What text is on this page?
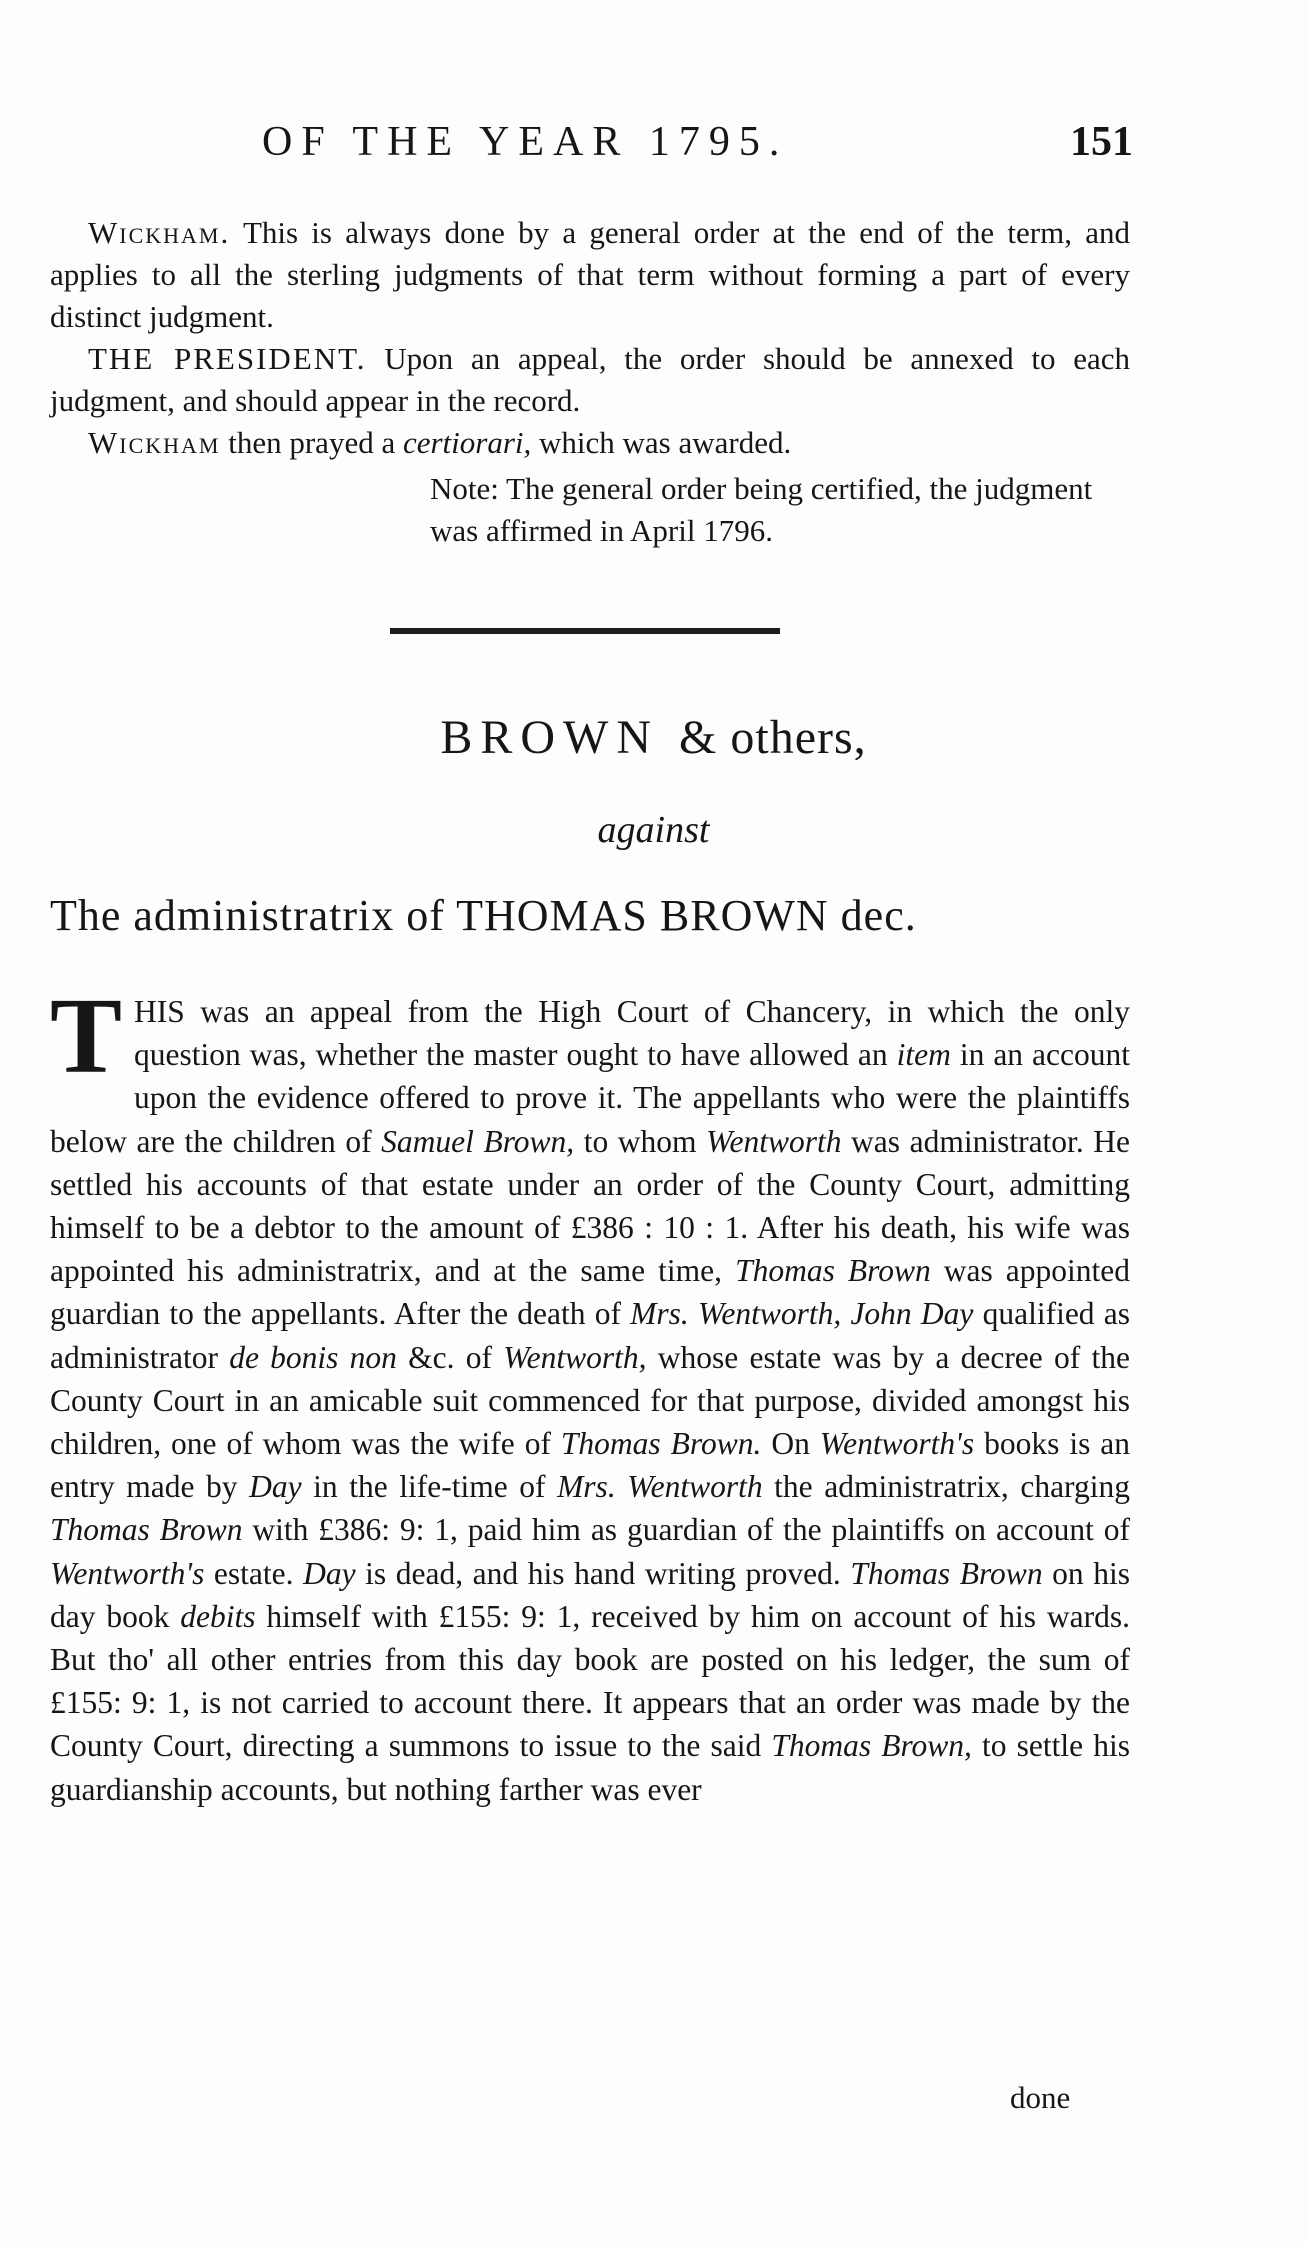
OF THE YEAR 1795.	151

Wickham. This is always done by a general order at the end of the term, and applies to all the sterling judgments of that term without forming a part of every distinct judgment.

THE PRESIDENT. Upon an appeal, the order should be annexed to each judgment, and should appear in the record.

Wickham then prayed a certiorari, which was awarded.

Note: The general order being certified, the judgment was affirmed in April 1796.
BROWN & others,
against
The administratrix of THOMAS BROWN dec.
THIS was an appeal from the High Court of Chancery, in which the only question was, whether the master ought to have allowed an item in an account upon the evidence offered to prove it. The appellants who were the plaintiffs below are the children of Samuel Brown, to whom Wentworth was administrator. He settled his accounts of that estate under an order of the County Court, admitting himself to be a debtor to the amount of £386 : 10 : 1. After his death, his wife was appointed his administratrix, and at the same time, Thomas Brown was appointed guardian to the appellants. After the death of Mrs. Wentworth, John Day qualified as administrator de bonis non &c. of Wentworth, whose estate was by a decree of the County Court in an amicable suit commenced for that purpose, divided amongst his children, one of whom was the wife of Thomas Brown. On Wentworth's books is an entry made by Day in the life-time of Mrs. Wentworth the administratrix, charging Thomas Brown with £386: 9: 1, paid him as guardian of the plaintiffs on account of Wentworth's estate. Day is dead, and his hand writing proved. Thomas Brown on his day book debits himself with £155: 9: 1, received by him on account of his wards. But tho' all other entries from this day book are posted on his ledger, the sum of £155: 9: 1, is not carried to account there. It appears that an order was made by the County Court, directing a summons to issue to the said Thomas Brown, to settle his guardianship accounts, but nothing farther was ever
done
